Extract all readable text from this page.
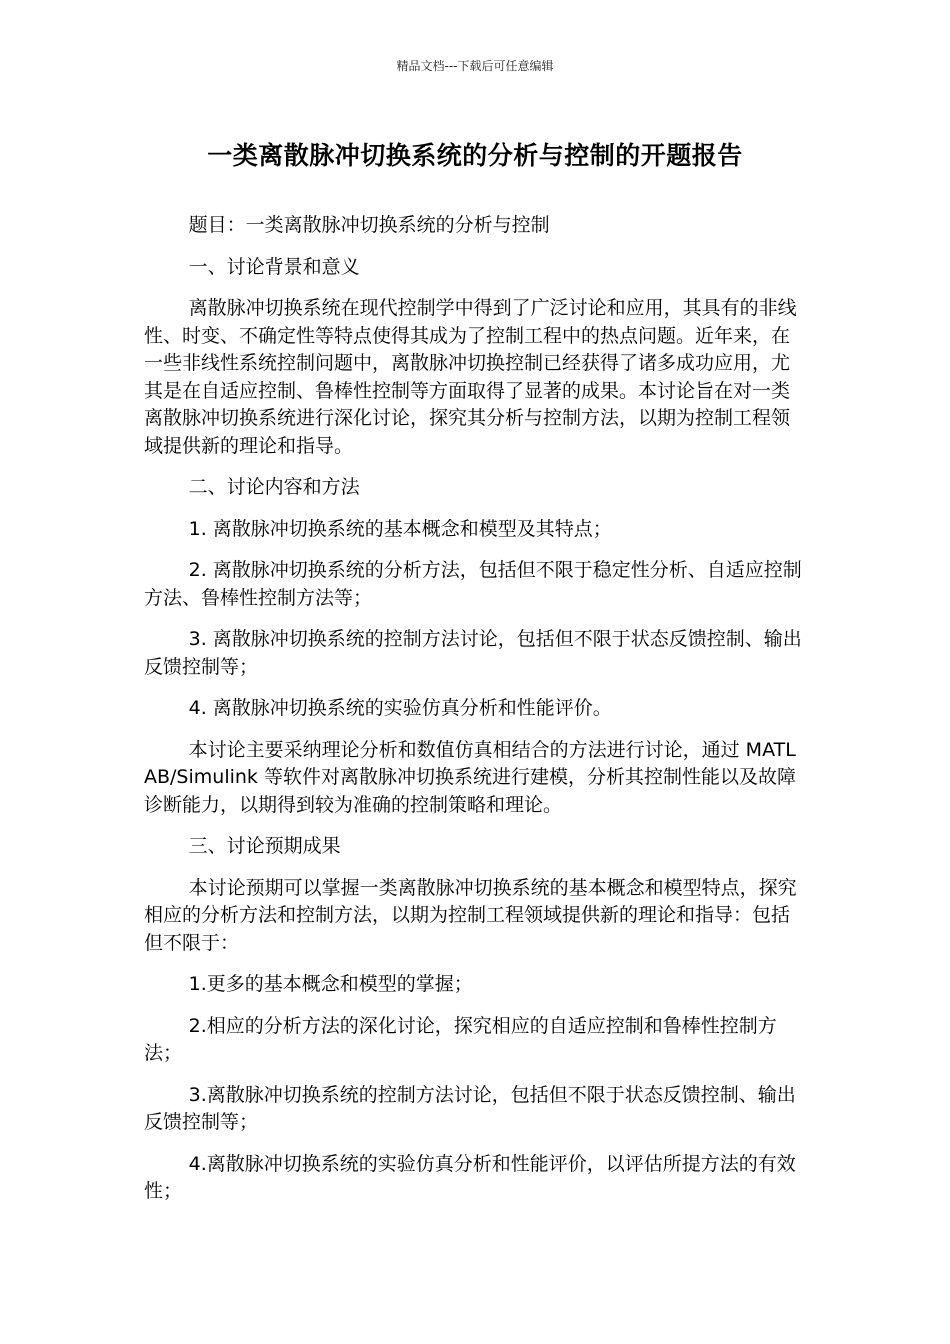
精品文档---下载后可任意编辑
一类离散脉冲切换系统的分析与控制的开题报告

题目：一类离散脉冲切换系统的分析与控制

一、讨论背景和意义

离散脉冲切换系统在现代控制学中得到了广泛讨论和应用，其具有的非线性、时变、不确定性等特点使得其成为了控制工程中的热点问题。近年来，在一些非线性系统控制问题中，离散脉冲切换控制已经获得了诸多成功应用，尤其是在自适应控制、鲁棒性控制等方面取得了显著的成果。本讨论旨在对一类离散脉冲切换系统进行深化讨论，探究其分析与控制方法，以期为控制工程领域提供新的理论和指导。

二、讨论内容和方法

1. 离散脉冲切换系统的基本概念和模型及其特点；

2. 离散脉冲切换系统的分析方法，包括但不限于稳定性分析、自适应控制方法、鲁棒性控制方法等；

3. 离散脉冲切换系统的控制方法讨论，包括但不限于状态反馈控制、输出反馈控制等；

4. 离散脉冲切换系统的实验仿真分析和性能评价。

本讨论主要采纳理论分析和数值仿真相结合的方法进行讨论，通过 MATLAB/Simulink 等软件对离散脉冲切换系统进行建模，分析其控制性能以及故障诊断能力，以期得到较为准确的控制策略和理论。

三、讨论预期成果

本讨论预期可以掌握一类离散脉冲切换系统的基本概念和模型特点，探究相应的分析方法和控制方法，以期为控制工程领域提供新的理论和指导：包括但不限于：

1.更多的基本概念和模型的掌握；

2.相应的分析方法的深化讨论，探究相应的自适应控制和鲁棒性控制方法；

3.离散脉冲切换系统的控制方法讨论，包括但不限于状态反馈控制、输出反馈控制等；

4.离散脉冲切换系统的实验仿真分析和性能评价，以评估所提方法的有效性；
